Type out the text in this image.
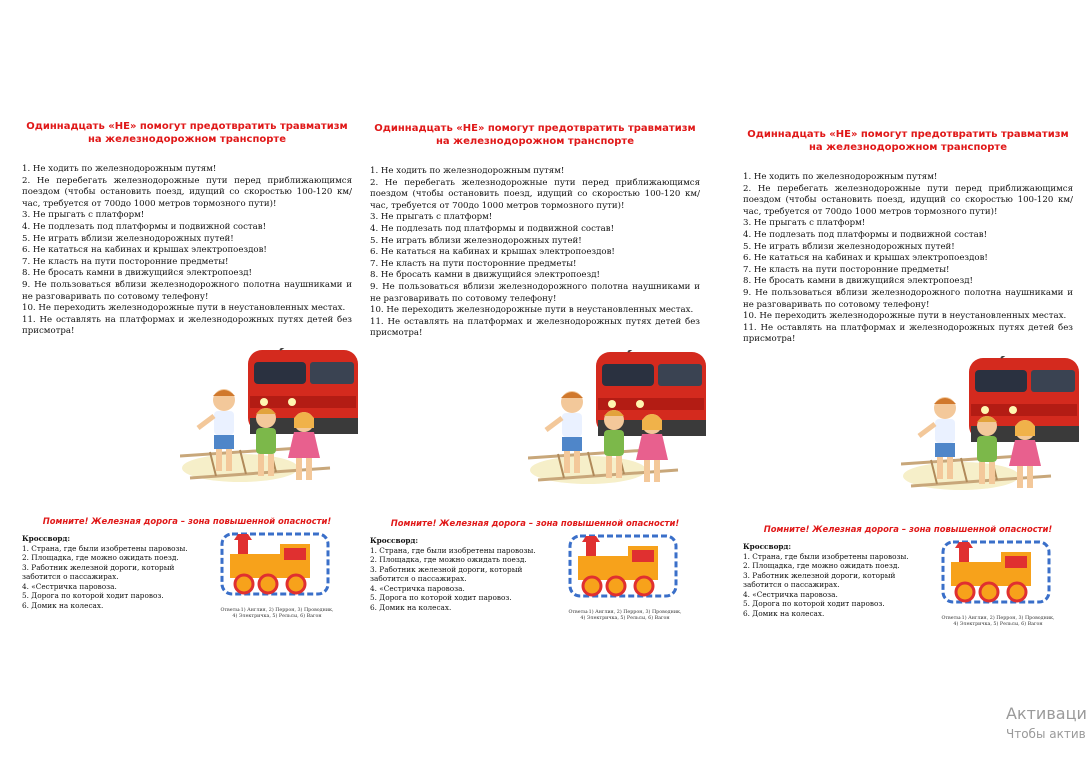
Одиннадцать «НЕ» помогут предотвратить травматизм на железнодорожном транспорте
1. Не ходить по железнодорожным путям!
2. Не перебегать железнодорожные пути перед приближающимся поездом (чтобы остановить поезд, идущий со скоростью 100-120 км/час, требуется от 700до 1000 метров тормозного пути)!
3. Не прыгать с платформ!
4. Не подлезать под платформы и подвижной состав!
5. Не играть вблизи железнодорожных путей!
6. Не кататься на кабинах и крышах электропоездов!
7. Не класть на пути посторонние предметы!
8. Не бросать камни в движущийся электропоезд!
9. Не пользоваться вблизи железнодорожного полотна наушниками и не разговаривать по сотовому телефону!
10. Не переходить железнодорожные пути в неустановленных местах.
11. Не оставлять на платформах и железнодорожных путях детей без присмотра!
Помните! Железная дорога – зона повышенной опасности!
Кроссворд:
1. Страна, где были изобретены паровозы.
2. Площадка, где можно ожидать поезд.
3. Работник железной дороги, который заботится о пассажирах.
4. «Сестричка паровоза.
5. Дорога по которой ходит паровоз.
6. Домик на колесах.
Ответы:1) Англия, 2) Перрон, 3) Проводник, 4) Электричка, 5) Рельсы, 6) Вагон
Одиннадцать «НЕ» помогут предотвратить травматизм на железнодорожном транспорте
1. Не ходить по железнодорожным путям!
2. Не перебегать железнодорожные пути перед приближающимся поездом (чтобы остановить поезд, идущий со скоростью 100-120 км/час, требуется от 700до 1000 метров тормозного пути)!
3. Не прыгать с платформ!
4. Не подлезать под платформы и подвижной состав!
5. Не играть вблизи железнодорожных путей!
6. Не кататься на кабинах и крышах электропоездов!
7. Не класть на пути посторонние предметы!
8. Не бросать камни в движущийся электропоезд!
9. Не пользоваться вблизи железнодорожного полотна наушниками и не разговаривать по сотовому телефону!
10. Не переходить железнодорожные пути в неустановленных местах.
11. Не оставлять на платформах и железнодорожных путях детей без присмотра!
Помните! Железная дорога – зона повышенной опасности!
Кроссворд:
1. Страна, где были изобретены паровозы.
2. Площадка, где можно ожидать поезд.
3. Работник железной дороги, который заботится о пассажирах.
4. «Сестричка паровоза.
5. Дорога по которой ходит паровоз.
6. Домик на колесах.
Ответы:1) Англия, 2) Перрон, 3) Проводник, 4) Электричка, 5) Рельсы, 6) Вагон
Одиннадцать «НЕ» помогут предотвратить травматизм на железнодорожном транспорте
1. Не ходить по железнодорожным путям!
2. Не перебегать железнодорожные пути перед приближающимся поездом (чтобы остановить поезд, идущий со скоростью 100-120 км/час, требуется от 700до 1000 метров тормозного пути)!
3. Не прыгать с платформ!
4. Не подлезать под платформы и подвижной состав!
5. Не играть вблизи железнодорожных путей!
6. Не кататься на кабинах и крышах электропоездов!
7. Не класть на пути посторонние предметы!
8. Не бросать камни в движущийся электропоезд!
9. Не пользоваться вблизи железнодорожного полотна наушниками и не разговаривать по сотовому телефону!
10. Не переходить железнодорожные пути в неустановленных местах.
11. Не оставлять на платформах и железнодорожных путях детей без присмотра!
Помните! Железная дорога – зона повышенной опасности!
Кроссворд:
1. Страна, где были изобретены паровозы.
2. Площадка, где можно ожидать поезд.
3. Работник железной дороги, который заботится о пассажирах.
4. «Сестричка паровоза.
5. Дорога по которой ходит паровоз.
6. Домик на колесах.
Ответы:1) Англия, 2) Перрон, 3) Проводник, 4) Электричка, 5) Рельсы, 6) Вагон
Активаци
Чтобы актив
